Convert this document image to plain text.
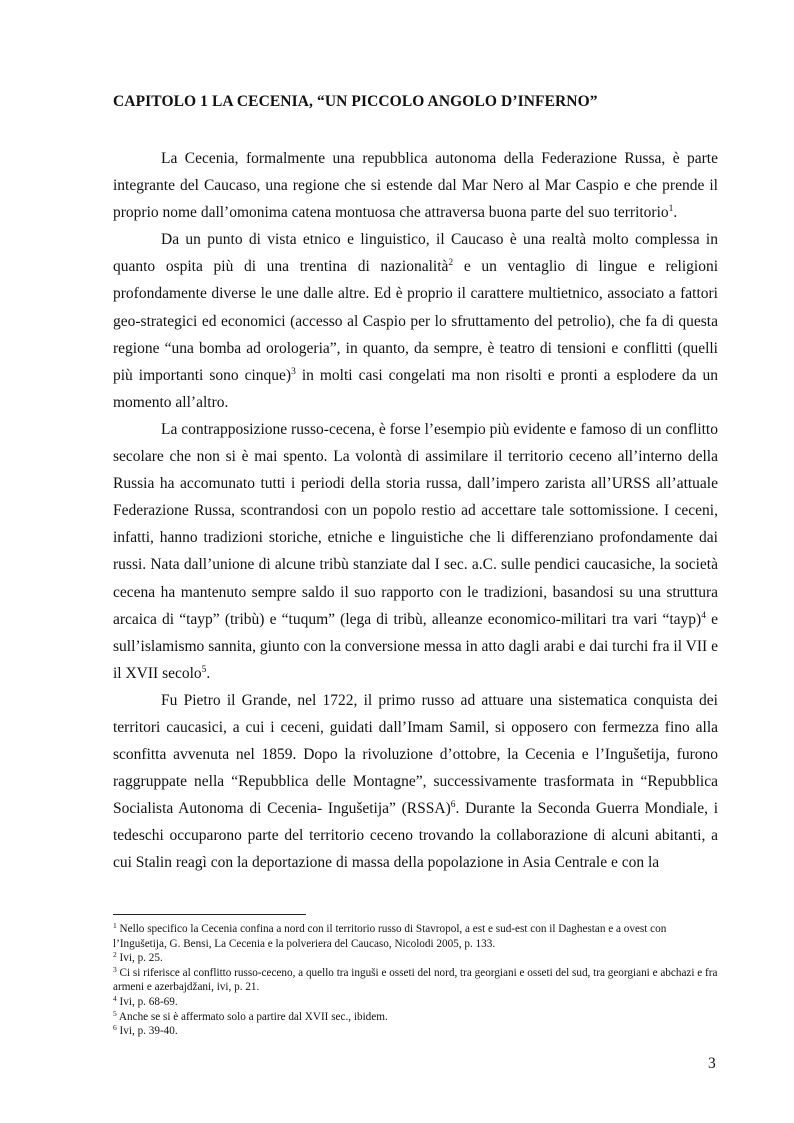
CAPITOLO 1 LA CECENIA, “UN PICCOLO ANGOLO D’INFERNO”

La Cecenia, formalmente una repubblica autonoma della Federazione Russa, è parte integrante del Caucaso, una regione che si estende dal Mar Nero al Mar Caspio e che prende il proprio nome dall’omonima catena montuosa che attraversa buona parte del suo territorio$^1$.

Da un punto di vista etnico e linguistico, il Caucaso è una realtà molto complessa in quanto ospita più di una trentina di nazionalità$^2$ e un ventaglio di lingue e religioni profondamente diverse le une dalle altre. Ed è proprio il carattere multietnico, associato a fattori geo-strategici ed economici (accesso al Caspio per lo sfruttamento del petrolio), che fa di questa regione “una bomba ad orologeria”, in quanto, da sempre, è teatro di tensioni e conflitti (quelli più importanti sono cinque)$^3$ in molti casi congelati ma non risolti e pronti a esplodere da un momento all’altro.

La contrapposizione russo-cecena, è forse l’esempio più evidente e famoso di un conflitto secolare che non si è mai spento. La volontà di assimilare il territorio ceceno all’interno della Russia ha accomunato tutti i periodi della storia russa, dall’impero zarista all’URSS all’attuale Federazione Russa, scontrandosi con un popolo restio ad accettare tale sottomissione. I ceceni, infatti, hanno tradizioni storiche, etniche e linguistiche che li differenziano profondamente dai russi. Nata dall’unione di alcune tribù stanziate dal I sec. a.C. sulle pendici caucasiche, la società cecena ha mantenuto sempre saldo il suo rapporto con le tradizioni, basandosi su una struttura arcaica di “tayp” (tribù) e “tuqum” (lega di tribù, alleanze economico-militari tra vari “tayp)$^4$ e sull’islamismo sannita, giunto con la conversione messa in atto dagli arabi e dai turchi fra il VII e il XVII secolo$^5$.

Fu Pietro il Grande, nel 1722, il primo russo ad attuare una sistematica conquista dei territori caucasici, a cui i ceceni, guidati dall’Imam Samil, si opposero con fermezza fino alla sconfitta avvenuta nel 1859. Dopo la rivoluzione d’ottobre, la Cecenia e l’Ingušetija, furono raggruppate nella “Repubblica delle Montagne”, successivamente trasformata in “Repubblica Socialista Autonoma di Cecenia- Ingušetija” (RSSA)$^6$. Durante la Seconda Guerra Mondiale, i tedeschi occuparono parte del territorio ceceno trovando la collaborazione di alcuni abitanti, a cui Stalin reagì con la deportazione di massa della popolazione in Asia Centrale e con la

$^1$ Nello specifico la Cecenia confina a nord con il territorio russo di Stavropol, a est e sud-est con il Daghestan e a ovest con l’Ingušetija, G. Bensi, La Cecenia e la polveriera del Caucaso, Nicolodi 2005, p. 133.

$^2$ Ivi, p. 25.

$^3$ Ci si riferisce al conflitto russo-ceceno, a quello tra inguši e osseti del nord, tra georgiani e osseti del sud, tra georgiani e abchazi e fra armeni e azerbajdžani, ivi, p. 21.

$^4$ Ivi, p. 68-69.

$^5$ Anche se si è affermato solo a partire dal XVII sec., ibidem.

$^6$ Ivi, p. 39-40.

3
